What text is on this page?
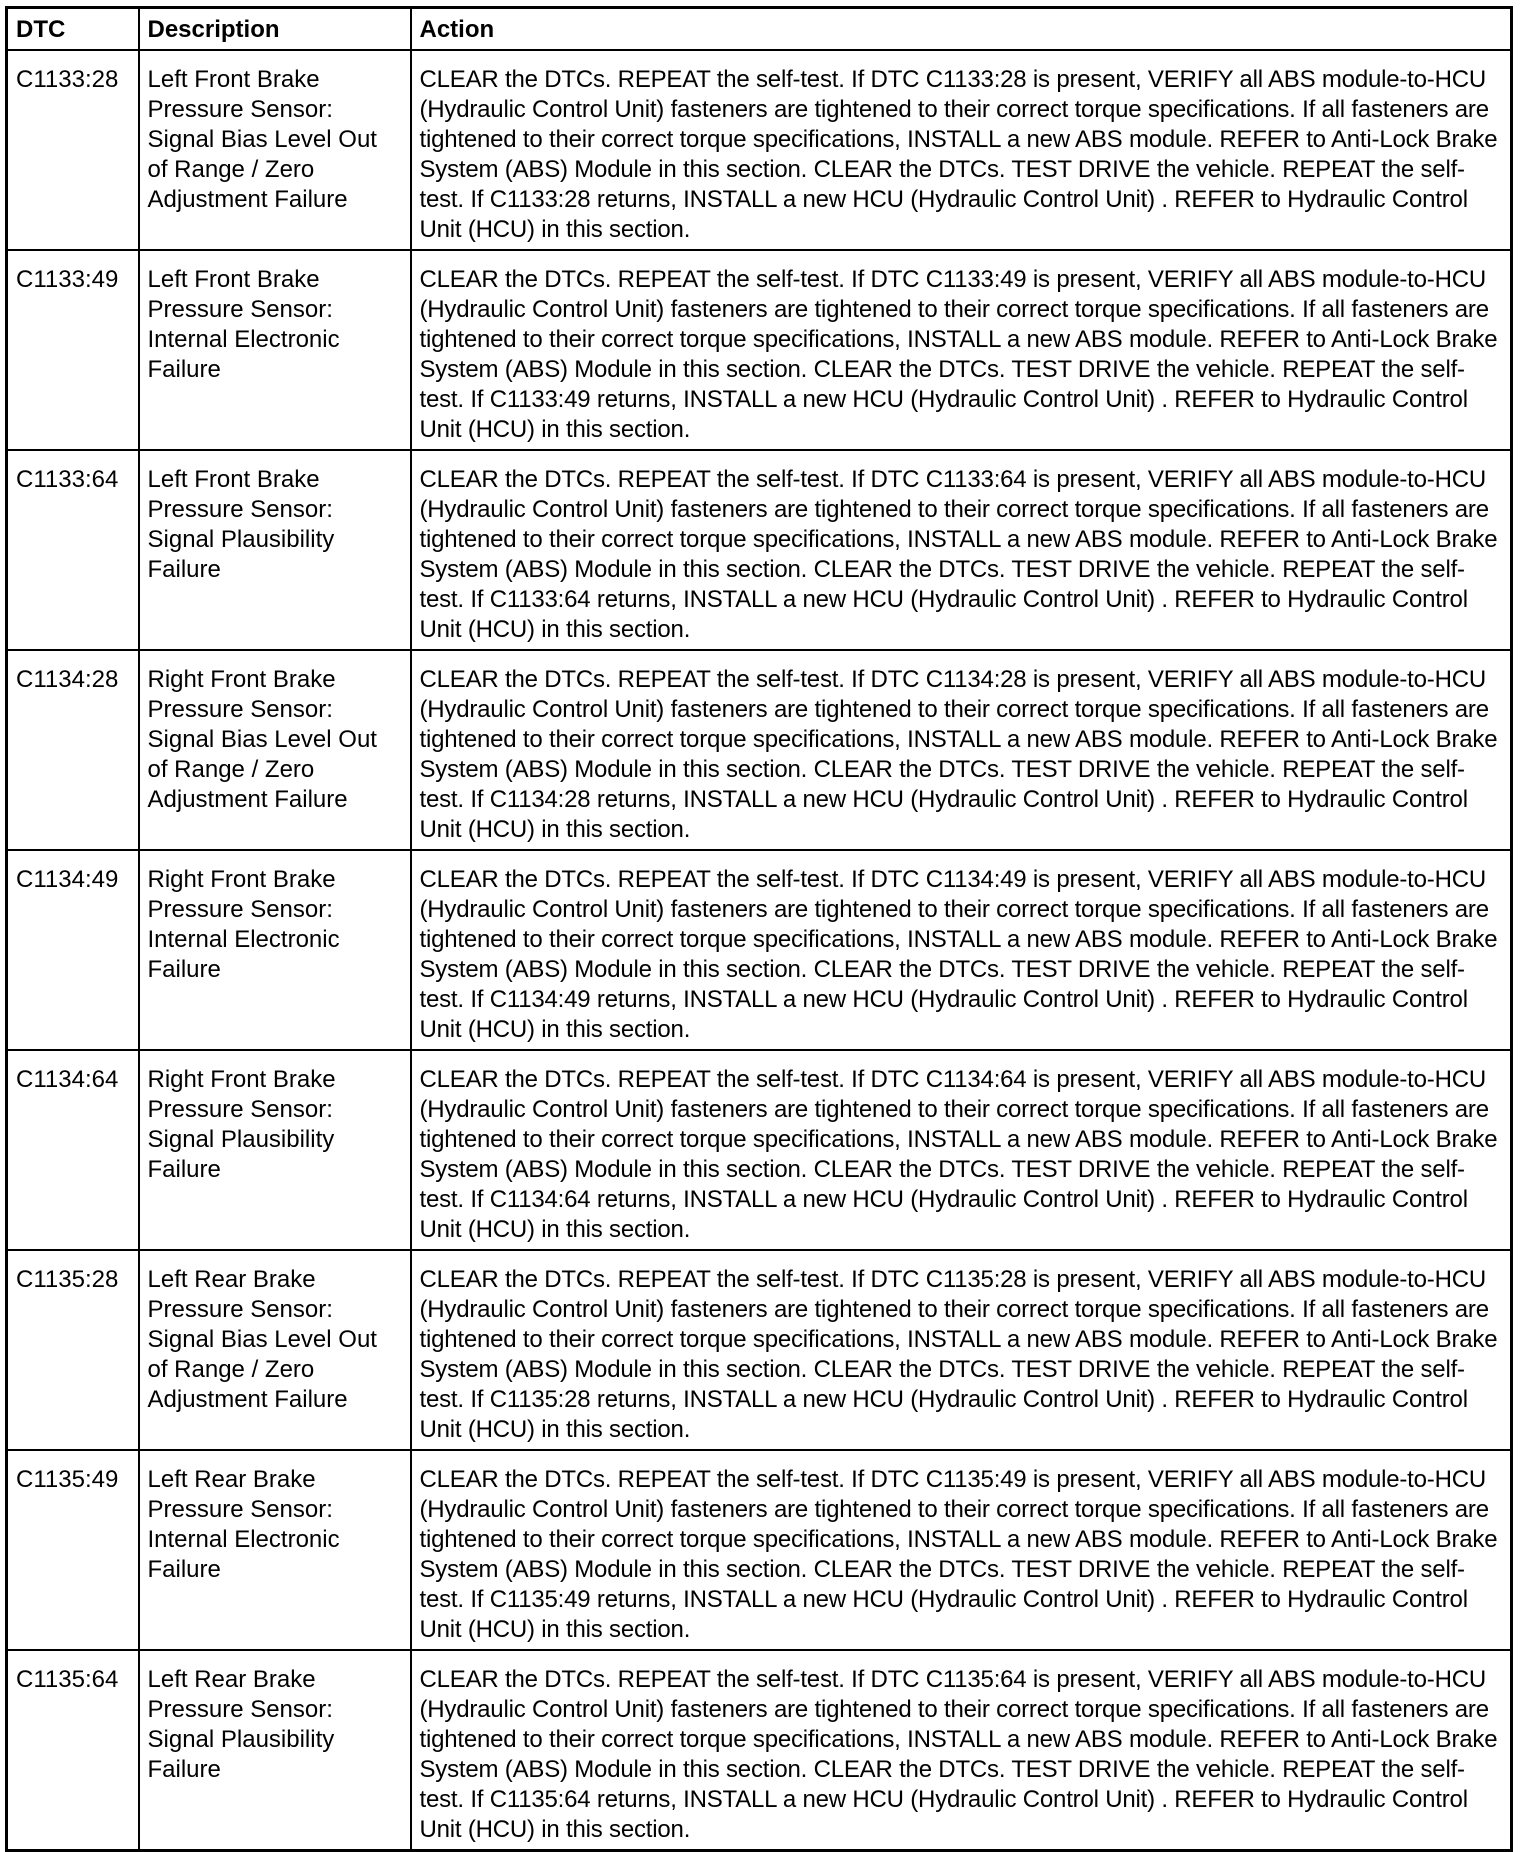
DTC	Description	Action
C1133:28	Left Front Brake Pressure Sensor: Signal Bias Level Out of Range / Zero Adjustment Failure	CLEAR the DTCs. REPEAT the self-test. If DTC C1133:28 is present, VERIFY all ABS module-to-HCU (Hydraulic Control Unit) fasteners are tightened to their correct torque specifications. If all fasteners are tightened to their correct torque specifications, INSTALL a new ABS module. REFER to Anti-Lock Brake System (ABS) Module in this section. CLEAR the DTCs. TEST DRIVE the vehicle. REPEAT the self-test. If C1133:28 returns, INSTALL a new HCU (Hydraulic Control Unit) . REFER to Hydraulic Control Unit (HCU) in this section.
C1133:49	Left Front Brake Pressure Sensor: Internal Electronic Failure	CLEAR the DTCs. REPEAT the self-test. If DTC C1133:49 is present, VERIFY all ABS module-to-HCU (Hydraulic Control Unit) fasteners are tightened to their correct torque specifications. If all fasteners are tightened to their correct torque specifications, INSTALL a new ABS module. REFER to Anti-Lock Brake System (ABS) Module in this section. CLEAR the DTCs. TEST DRIVE the vehicle. REPEAT the self-test. If C1133:49 returns, INSTALL a new HCU (Hydraulic Control Unit) . REFER to Hydraulic Control Unit (HCU) in this section.
C1133:64	Left Front Brake Pressure Sensor: Signal Plausibility Failure	CLEAR the DTCs. REPEAT the self-test. If DTC C1133:64 is present, VERIFY all ABS module-to-HCU (Hydraulic Control Unit) fasteners are tightened to their correct torque specifications. If all fasteners are tightened to their correct torque specifications, INSTALL a new ABS module. REFER to Anti-Lock Brake System (ABS) Module in this section. CLEAR the DTCs. TEST DRIVE the vehicle. REPEAT the self-test. If C1133:64 returns, INSTALL a new HCU (Hydraulic Control Unit) . REFER to Hydraulic Control Unit (HCU) in this section.
C1134:28	Right Front Brake Pressure Sensor: Signal Bias Level Out of Range / Zero Adjustment Failure	CLEAR the DTCs. REPEAT the self-test. If DTC C1134:28 is present, VERIFY all ABS module-to-HCU (Hydraulic Control Unit) fasteners are tightened to their correct torque specifications. If all fasteners are tightened to their correct torque specifications, INSTALL a new ABS module. REFER to Anti-Lock Brake System (ABS) Module in this section. CLEAR the DTCs. TEST DRIVE the vehicle. REPEAT the self-test. If C1134:28 returns, INSTALL a new HCU (Hydraulic Control Unit) . REFER to Hydraulic Control Unit (HCU) in this section.
C1134:49	Right Front Brake Pressure Sensor: Internal Electronic Failure	CLEAR the DTCs. REPEAT the self-test. If DTC C1134:49 is present, VERIFY all ABS module-to-HCU (Hydraulic Control Unit) fasteners are tightened to their correct torque specifications. If all fasteners are tightened to their correct torque specifications, INSTALL a new ABS module. REFER to Anti-Lock Brake System (ABS) Module in this section. CLEAR the DTCs. TEST DRIVE the vehicle. REPEAT the self-test. If C1134:49 returns, INSTALL a new HCU (Hydraulic Control Unit) . REFER to Hydraulic Control Unit (HCU) in this section.
C1134:64	Right Front Brake Pressure Sensor: Signal Plausibility Failure	CLEAR the DTCs. REPEAT the self-test. If DTC C1134:64 is present, VERIFY all ABS module-to-HCU (Hydraulic Control Unit) fasteners are tightened to their correct torque specifications. If all fasteners are tightened to their correct torque specifications, INSTALL a new ABS module. REFER to Anti-Lock Brake System (ABS) Module in this section. CLEAR the DTCs. TEST DRIVE the vehicle. REPEAT the self-test. If C1134:64 returns, INSTALL a new HCU (Hydraulic Control Unit) . REFER to Hydraulic Control Unit (HCU) in this section.
C1135:28	Left Rear Brake Pressure Sensor: Signal Bias Level Out of Range / Zero Adjustment Failure	CLEAR the DTCs. REPEAT the self-test. If DTC C1135:28 is present, VERIFY all ABS module-to-HCU (Hydraulic Control Unit) fasteners are tightened to their correct torque specifications. If all fasteners are tightened to their correct torque specifications, INSTALL a new ABS module. REFER to Anti-Lock Brake System (ABS) Module in this section. CLEAR the DTCs. TEST DRIVE the vehicle. REPEAT the self-test. If C1135:28 returns, INSTALL a new HCU (Hydraulic Control Unit) . REFER to Hydraulic Control Unit (HCU) in this section.
C1135:49	Left Rear Brake Pressure Sensor: Internal Electronic Failure	CLEAR the DTCs. REPEAT the self-test. If DTC C1135:49 is present, VERIFY all ABS module-to-HCU (Hydraulic Control Unit) fasteners are tightened to their correct torque specifications. If all fasteners are tightened to their correct torque specifications, INSTALL a new ABS module. REFER to Anti-Lock Brake System (ABS) Module in this section. CLEAR the DTCs. TEST DRIVE the vehicle. REPEAT the self-test. If C1135:49 returns, INSTALL a new HCU (Hydraulic Control Unit) . REFER to Hydraulic Control Unit (HCU) in this section.
C1135:64	Left Rear Brake Pressure Sensor: Signal Plausibility Failure	CLEAR the DTCs. REPEAT the self-test. If DTC C1135:64 is present, VERIFY all ABS module-to-HCU (Hydraulic Control Unit) fasteners are tightened to their correct torque specifications. If all fasteners are tightened to their correct torque specifications, INSTALL a new ABS module. REFER to Anti-Lock Brake System (ABS) Module in this section. CLEAR the DTCs. TEST DRIVE the vehicle. REPEAT the self-test. If C1135:64 returns, INSTALL a new HCU (Hydraulic Control Unit) . REFER to Hydraulic Control Unit (HCU) in this section.
